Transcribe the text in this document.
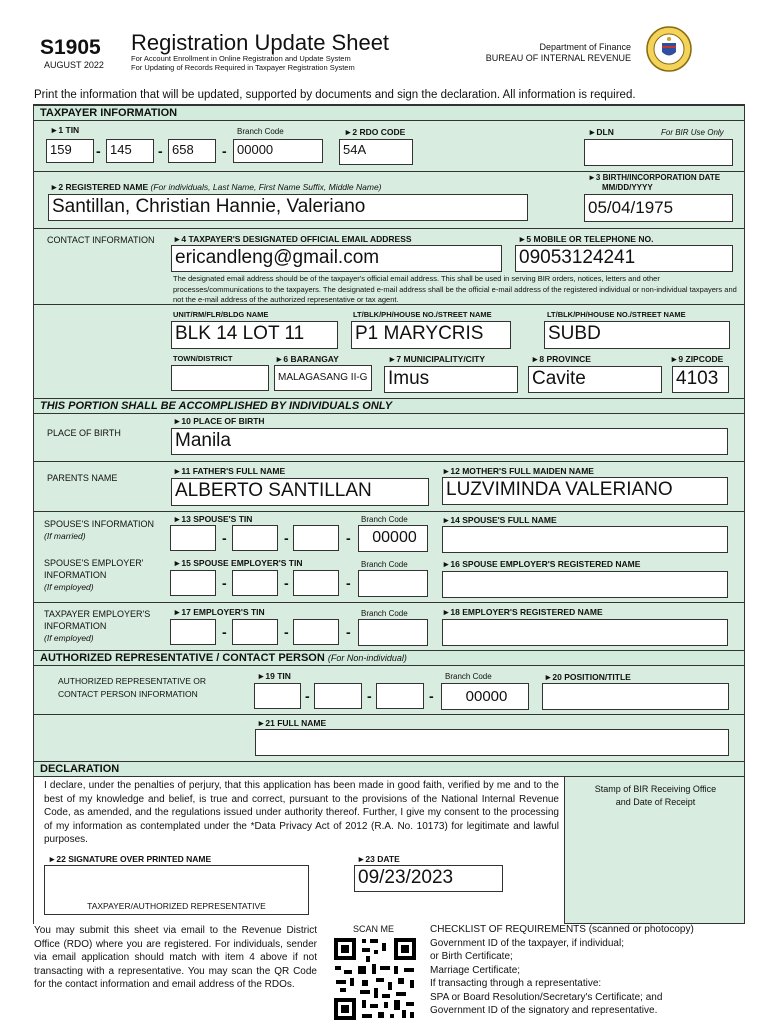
S1905
AUGUST 2022
Registration Update Sheet
For Account Enrollment in Online Registration and Update System
For Updating of Records Required in Taxpayer Registration System
Department of Finance
BUREAU OF INTERNAL REVENUE
Print the information that will be updated, supported by documents and sign the declaration. All information is required.
TAXPAYER INFORMATION
►1 TIN
159	- 145	- 658	-
Branch Code
00000
►2 RDO CODE
54A
►DLN	For BIR Use Only
►2 REGISTERED NAME (For individuals, Last Name, First Name Suffix, Middle Name)
Santillan, Christian Hannie, Valeriano
►3 BIRTH/INCORPORATION DATE
MM/DD/YYYY
05/04/1975
CONTACT INFORMATION ►4 TAXPAYER'S DESIGNATED OFFICIAL EMAIL ADDRESS
ericandleng@gmail.com
►5 MOBILE OR TELEPHONE NO.
09053124241
The designated email address should be of the taxpayer's official email address. This shall be used in serving BIR orders, notices, letters and other processes/communications to the taxpayers. The designated e-mail address shall be the official e-mail address of the registered individual or non-individual taxpayers and not the e-mail address of the authorized representative or tax agent.
UNIT/RM/FLR/BLDG NAME
BLK 14 LOT 11
LT/BLK/PH/HOUSE NO./STREET NAME
P1 MARYCRIS
LT/BLK/PH/HOUSE NO./STREET NAME
SUBD
TOWN/DISTRICT	►6 BARANGAY
MALAGASANG II-G
►7 MUNICIPALITY/CITY
Imus
►8 PROVINCE
Cavite
►9 ZIPCODE
4103
THIS PORTION SHALL BE ACCOMPLISHED BY INDIVIDUALS ONLY
PLACE OF BIRTH
►10 PLACE OF BIRTH
Manila
PARENTS NAME
►11 FATHER'S FULL NAME
ALBERTO SANTILLAN
►12 MOTHER'S FULL MAIDEN NAME
LUZVIMINDA VALERIANO
SPOUSE'S INFORMATION
(If married)
►13 SPOUSE'S TIN
-	-	-
Branch Code
00000
►14 SPOUSE'S FULL NAME
SPOUSE'S EMPLOYER'
INFORMATION
(If employed)
►15 SPOUSE EMPLOYER'S TIN
-	-	-
Branch Code	►16 SPOUSE EMPLOYER'S REGISTERED NAME
TAXPAYER EMPLOYER'S
INFORMATION
(If employed)
►17 EMPLOYER'S TIN
-	-	-
Branch Code	►18 EMPLOYER'S REGISTERED NAME
AUTHORIZED REPRESENTATIVE / CONTACT PERSON (For Non-individual)
AUTHORIZED REPRESENTATIVE OR
CONTACT PERSON INFORMATION
►19 TIN
-	-	-
Branch Code
00000
►20 POSITION/TITLE
►21 FULL NAME
DECLARATION
I declare, under the penalties of perjury, that this application has been made in good faith, verified by me and to the best of my knowledge and belief, is true and correct, pursuant to the provisions of the National Internal Revenue Code, as amended, and the regulations issued under authority thereof. Further, I give my consent to the processing of my information as contemplated under the *Data Privacy Act of 2012 (R.A. No. 10173) for legitimate and lawful purposes.
Stamp of BIR Receiving Office
and Date of Receipt
►22 SIGNATURE OVER PRINTED NAME
TAXPAYER/AUTHORIZED REPRESENTATIVE
►23 DATE
09/23/2023
You may submit this sheet via email to the Revenue District Office (RDO) where you are registered. For individuals, sender via email application should match with item 4 above if not transacting with a representative. You may scan the QR Code for the contact information and email address of the RDOs.
SCAN ME	CHECKLIST OF REQUIREMENTS (scanned or photocopy)
Government ID of the taxpayer, if individual;
or Birth Certificate;
Marriage Certificate;
If transacting through a representative:
SPA or Board Resolution/Secretary's Certificate; and
Government ID of the signatory and representative.
